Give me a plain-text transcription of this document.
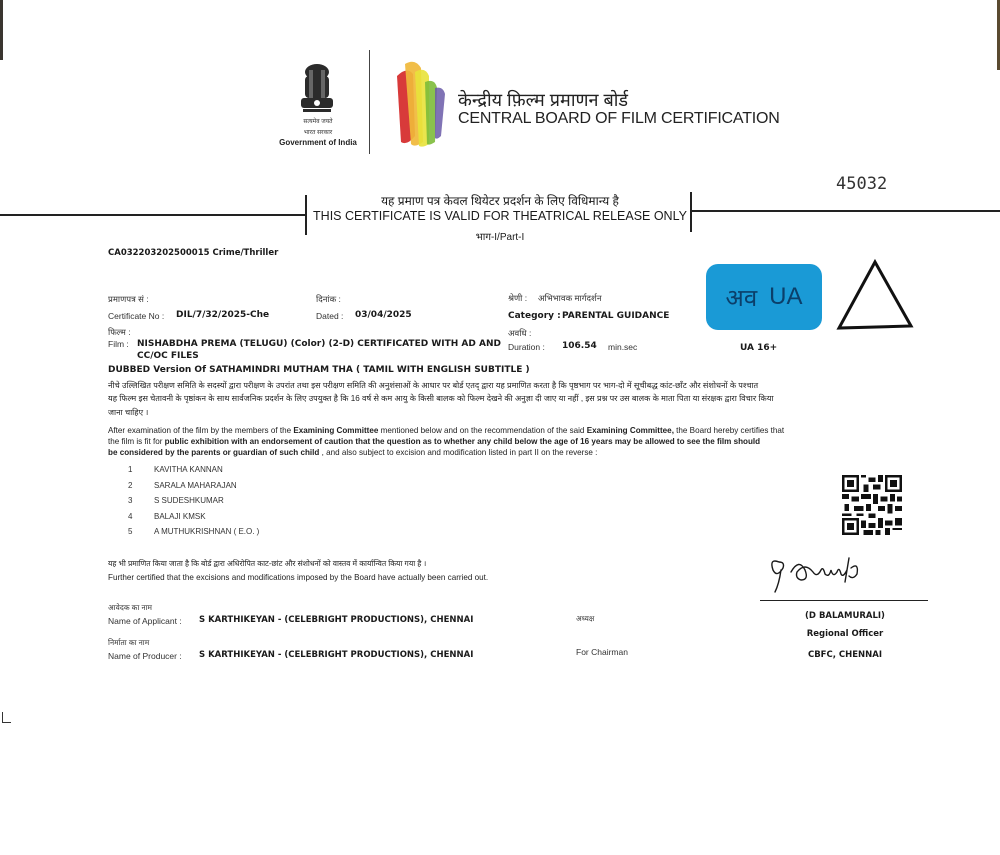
सत्यमेव जयते
भारत सरकार
Government of India
केन्द्रीय फ़िल्म प्रमाणन बोर्ड
CENTRAL BOARD OF FILM CERTIFICATION
45032
यह प्रमाण पत्र केवल थियेटर प्रदर्शन के लिए विधिमान्य है
THIS CERTIFICATE IS VALID FOR THEATRICAL RELEASE ONLY
भाग-I/Part-I
CA032203202500015 Crime/Thriller
प्रमाणपत्र सं :
Certificate No : DIL/7/32/2025-Che
दिनांक :
Dated : 03/04/2025
श्रेणी : अभिभावक मार्गदर्शन
Category : PARENTAL GUIDANCE
अवधि :
Duration : 106.54 min.sec
फिल्म :
Film : NISHABDHA PREMA (TELUGU) (Color) (2-D) CERTIFICATED WITH AD AND
CC/OC FILES
DUBBED Version Of SATHAMINDRI MUTHAM THA ( TAMIL WITH ENGLISH SUBTITLE )
अव UA
UA 16+
नीचे उल्लिखित परीक्षण समिति के सदस्यों द्वारा परीक्षण के उपरांत तथा इस परीक्षण समिति की अनुशंसाओं के आधार पर बोर्ड एतद् द्वारा यह प्रमाणित करता है कि पृष्ठभाग पर भाग-दो में सूचीबद्ध कांट-छाँट और संशोधनों के पश्चात
यह फिल्म इस चेतावनी के पृष्ठांकन के साथ सार्वजनिक प्रदर्शन के लिए उपयुक्त है कि 16 वर्ष से कम आयु के किसी बालक को फिल्म देखने की अनुज्ञा दी जाए या नहीं , इस प्रश्न पर उस बालक के माता पिता या संरक्षक द्वारा विचार किया
जाना चाहिए ।
After examination of the film by the members of the Examining Committee mentioned below and on the recommendation of the said Examining Committee, the Board hereby certifies that
the film is fit for public exhibition with an endorsement of caution that the question as to whether any child below the age of 16 years may be allowed to see the film should
be considered by the parents or guardian of such child , and also subject to excision and modification listed in part II on the reverse :
1	KAVITHA KANNAN
2	SARALA MAHARAJAN
3	S SUDESHKUMAR
4	BALAJI KMSK
5	A MUTHUKRISHNAN ( E.O. )
यह भी प्रमाणित किया जाता है कि बोर्ड द्वारा अधिरोपित काट-छांट और संशोधनों को वास्तव में कार्यान्वित किया गया है ।
Further certified that the excisions and modifications imposed by the Board have actually been carried out.
आवेदक का नाम
Name of Applicant : S KARTHIKEYAN - (CELEBRIGHT PRODUCTIONS), CHENNAI
निर्माता का नाम
Name of Producer : S KARTHIKEYAN - (CELEBRIGHT PRODUCTIONS), CHENNAI
अध्यक्ष
For Chairman
(D BALAMURALI)
Regional Officer
CBFC, CHENNAI
